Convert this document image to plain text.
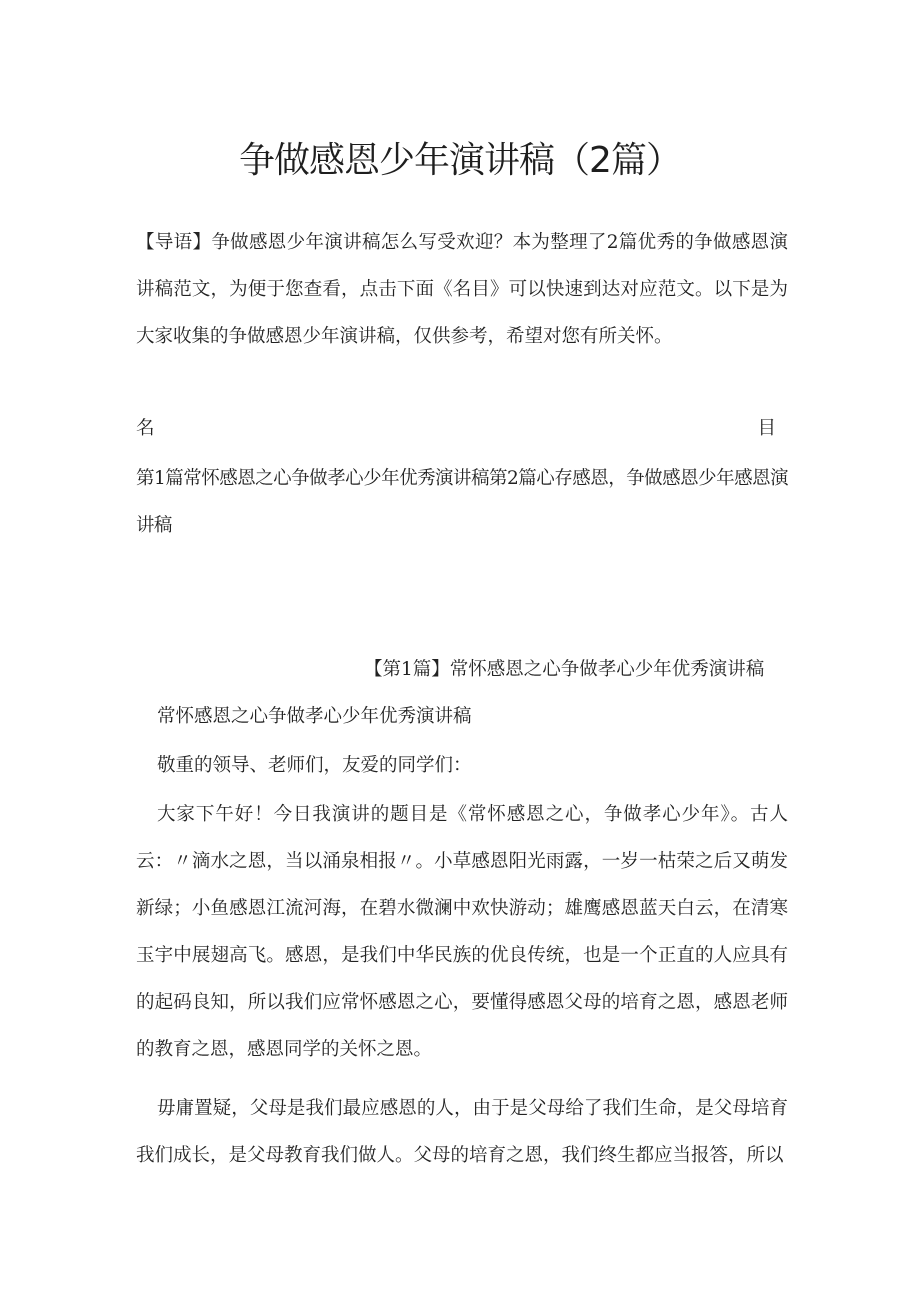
争做感恩少年演讲稿（2篇）

【导语】争做感恩少年演讲稿怎么写受欢迎？本为整理了2篇优秀的争做感恩演讲稿范文，为便于您查看，点击下面《名目》可以快速到达对应范文。以下是为大家收集的争做感恩少年演讲稿，仅供参考，希望对您有所关怀。

名	目

第1篇常怀感恩之心争做孝心少年优秀演讲稿第2篇心存感恩，争做感恩少年感恩演讲稿

【第1篇】常怀感恩之心争做孝心少年优秀演讲稿
常怀感恩之心争做孝心少年优秀演讲稿
敬重的领导、老师们，友爱的同学们：

大家下午好！今日我演讲的题目是《常怀感恩之心，争做孝心少年》。古人云：〃滴水之恩，当以涌泉相报〃。小草感恩阳光雨露，一岁一枯荣之后又萌发新绿；小鱼感恩江流河海，在碧水微澜中欢快游动；雄鹰感恩蓝天白云，在清寒玉宇中展翅高飞。感恩，是我们中华民族的优良传统，也是一个正直的人应具有的起码良知，所以我们应常怀感恩之心，要懂得感恩父母的培育之恩，感恩老师的教育之恩，感恩同学的关怀之恩。

毋庸置疑，父母是我们最应感恩的人，由于是父母给了我们生命，是父母培育我们成长，是父母教育我们做人。父母的培育之恩，我们终生都应当报答，所以
